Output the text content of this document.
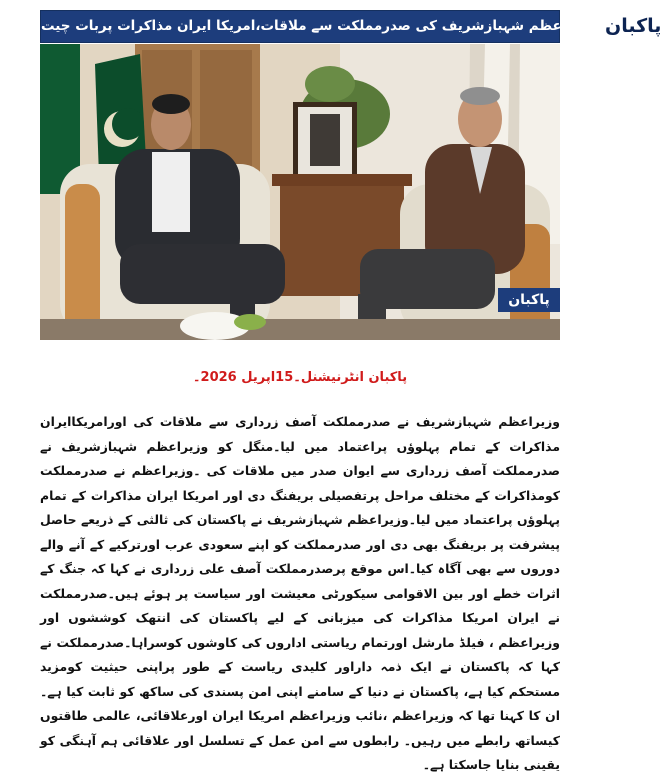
وزیراعظم شہبازشریف کی صدرمملکت سے ملاقات،امریکا ایران مذاکرات پربات چیت پاکبان
پاکبان
پاکبان انٹرنیشنل۔15اپریل 2026۔
وزیراعظم شہبازشریف نے صدرمملکت آصف زرداری سے ملاقات کی اورامریکاایران مذاکرات کے تمام پہلوؤں پراعتماد میں لیا۔منگل کو وزیراعظم شہبازشریف نے صدرمملکت آصف زرداری سے ایوان صدر میں ملاقات کی ۔وزیراعظم نے صدرمملکت کومذاکرات کے مختلف مراحل پرتفصیلی بریفنگ دی اور امریکا ایران مذاکرات کے تمام پہلوؤں پراعتماد میں لیا۔وزیراعظم شہبازشریف نے پاکستان کی ثالثی کے ذریعے حاصل پیشرفت پر بریفنگ بھی دی اور صدرمملکت کو اپنے سعودی عرب اورترکیے کے آنے والے دوروں سے بھی آگاہ کیا۔اس موقع پرصدرمملکت آصف علی زرداری نے کہا کہ جنگ کے اثرات خطے اور بین الاقوامی سیکورٹی معیشت اور سیاست پر ہوئے ہیں۔صدرمملکت نے ایران امریکا مذاکرات کی میزبانی کے لیے پاکستان کی انتھک کوششوں اور وزیراعظم ، فیلڈ مارشل اورتمام ریاستی اداروں کی کاوشوں کوسراہا۔صدرمملکت نے کہا کہ پاکستان نے ایک ذمہ داراور کلیدی ریاست کے طور پراپنی حیثیت کومزید مستحکم کیا ہے، پاکستان نے دنیا کے سامنے اپنی امن پسندی کی ساکھ کو ثابت کیا ہے۔ان کا کہنا تھا کہ وزیراعظم ،نائب وزیراعظم امریکا ایران اورعلاقائی، عالمی طاقتوں کیساتھ رابطے میں رہیں۔ رابطوں سے امن عمل کے تسلسل اور علاقائی ہم آہنگی کو یقینی بنایا جاسکتا ہے۔
